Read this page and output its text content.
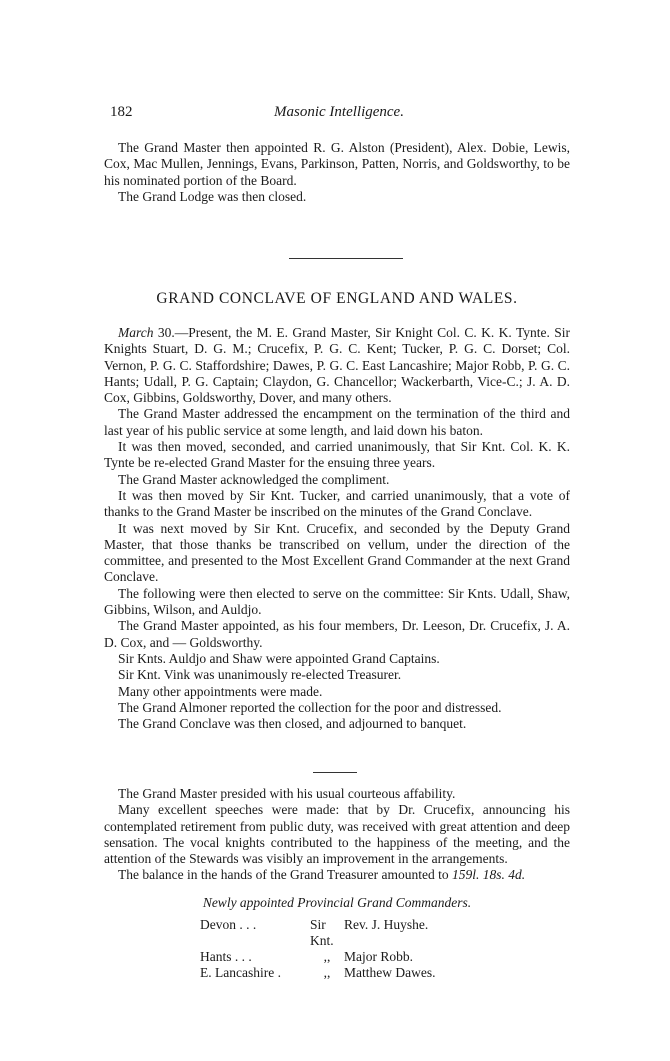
182	Masonic Intelligence.

The Grand Master then appointed R. G. Alston (President), Alex. Dobie, Lewis, Cox, Mac Mullen, Jennings, Evans, Parkinson, Patten, Norris, and Goldsworthy, to be his nominated portion of the Board.

The Grand Lodge was then closed.

GRAND CONCLAVE OF ENGLAND AND WALES.

March 30.—Present, the M. E. Grand Master, Sir Knight Col. C. K. K. Tynte. Sir Knights Stuart, D. G. M.; Crucefix, P. G. C. Kent; Tucker, P. G. C. Dorset; Col. Vernon, P. G. C. Staffordshire; Dawes, P. G. C. East Lancashire; Major Robb, P. G. C. Hants; Udall, P. G. Captain; Claydon, G. Chancellor; Wackerbarth, Vice-C.; J. A. D. Cox, Gibbins, Goldsworthy, Dover, and many others.

The Grand Master addressed the encampment on the termination of the third and last year of his public service at some length, and laid down his baton.

It was then moved, seconded, and carried unanimously, that Sir Knt. Col. K. K. Tynte be re-elected Grand Master for the ensuing three years.

The Grand Master acknowledged the compliment.

It was then moved by Sir Knt. Tucker, and carried unanimously, that a vote of thanks to the Grand Master be inscribed on the minutes of the Grand Conclave.

It was next moved by Sir Knt. Crucefix, and seconded by the Deputy Grand Master, that those thanks be transcribed on vellum, under the direction of the committee, and presented to the Most Excellent Grand Commander at the next Grand Conclave.

The following were then elected to serve on the committee: Sir Knts. Udall, Shaw, Gibbins, Wilson, and Auldjo.

The Grand Master appointed, as his four members, Dr. Leeson, Dr. Crucefix, J. A. D. Cox, and — Goldsworthy.

Sir Knts. Auldjo and Shaw were appointed Grand Captains.

Sir Knt. Vink was unanimously re-elected Treasurer.

Many other appointments were made.

The Grand Almoner reported the collection for the poor and distressed.

The Grand Conclave was then closed, and adjourned to banquet.

The Grand Master presided with his usual courteous affability.

Many excellent speeches were made: that by Dr. Crucefix, announcing his contemplated retirement from public duty, was received with great attention and deep sensation. The vocal knights contributed to the happiness of the meeting, and the attention of the Stewards was visibly an improvement in the arrangements.

The balance in the hands of the Grand Treasurer amounted to 159l. 18s. 4d.

Newly appointed Provincial Grand Commanders.

Devon . . .	Sir Knt.	Rev. J. Huyshe.
Hants . . .	,,	Major Robb.
E. Lancashire .	,,	Matthew Dawes.
